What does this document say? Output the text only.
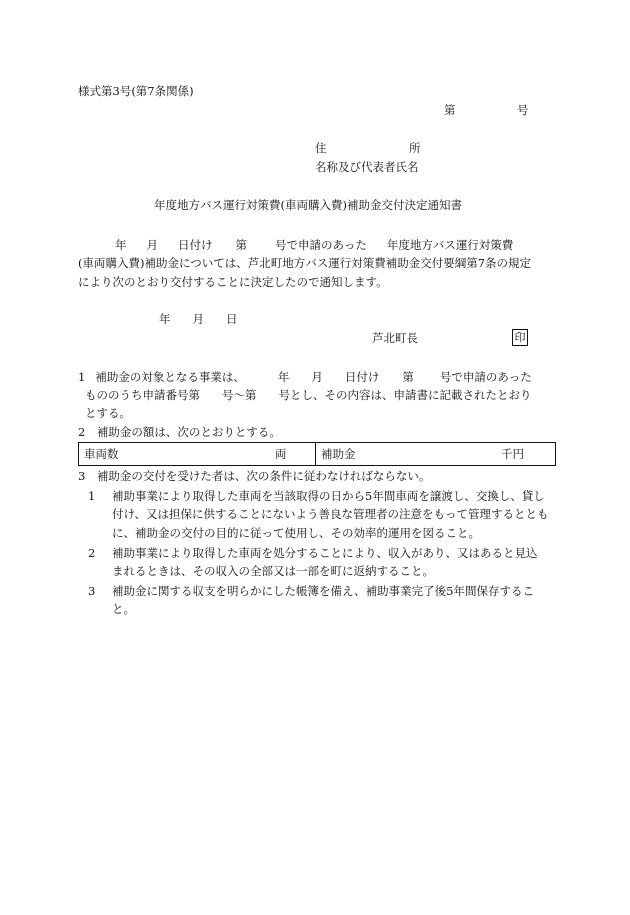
様式第3号(第7条関係)
第	号
住	所
名称及び代表者氏名
年度地方バス運行対策費(車両購入費)補助金交付決定通知書
年 月 日付け 第 号で申請のあった 年度地方バス運行対策費
(車両購入費)補助金については、芦北町地方バス運行対策費補助金交付要綱第7条の規定
により次のとおり交付することに決定したので通知します。
年 月 日
芦北町長	印
1 補助金の対象となる事業は、	年 月 日付け 第 号で申請のあった
もののうち申請番号第 号～第 号とし、その内容は、申請書に記載されたとおり
とする。
2　補助金の額は、次のとおりとする。
車両数	両	補助金	千円
3　補助金の交付を受けた者は、次の条件に従わなければならない。
1 補助事業により取得した車両を当該取得の日から5年間車両を譲渡し、交換し、貸し
付け、又は担保に供することにないよう善良な管理者の注意をもって管理するととも
に、補助金の交付の目的に従って使用し、その効率的運用を図ること。
2 補助事業により取得した車両を処分することにより、収入があり、又はあると見込
まれるときは、その収入の全部又は一部を町に返納すること。
3 補助金に関する収支を明らかにした帳簿を備え、補助事業完了後5年間保存するこ
と。
